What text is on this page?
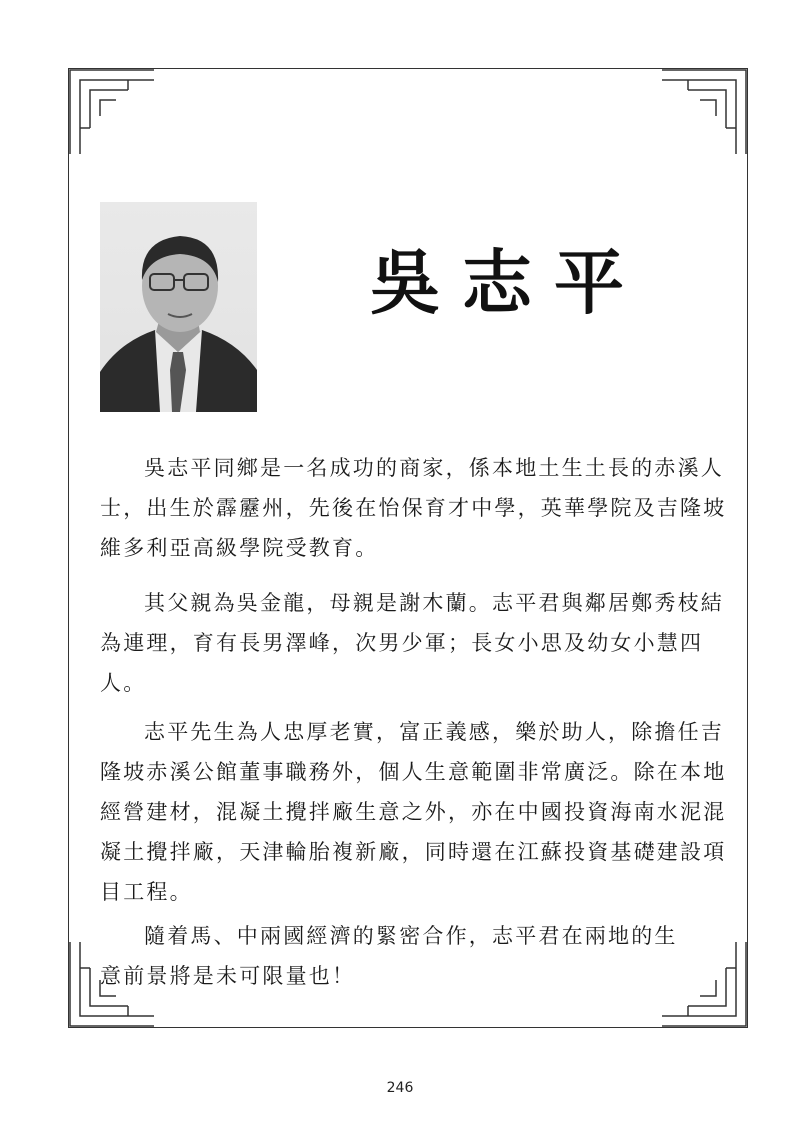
吳志平

吳志平同鄉是一名成功的商家，係本地土生土長的赤溪人士，出生於霹靂州，先後在怡保育才中學，英華學院及吉隆坡維多利亞高級學院受教育。

其父親為吳金龍，母親是謝木蘭。志平君與鄰居鄭秀枝結為連理，育有長男澤峰，次男少軍；長女小思及幼女小慧四人。

志平先生為人忠厚老實，富正義感，樂於助人，除擔任吉隆坡赤溪公館董事職務外，個人生意範圍非常廣泛。除在本地經營建材，混凝土攪拌廠生意之外，亦在中國投資海南水泥混凝土攪拌廠，天津輪胎複新廠，同時還在江蘇投資基礎建設項目工程。

隨着馬、中兩國經濟的緊密合作，志平君在兩地的生意前景將是未可限量也！

246
